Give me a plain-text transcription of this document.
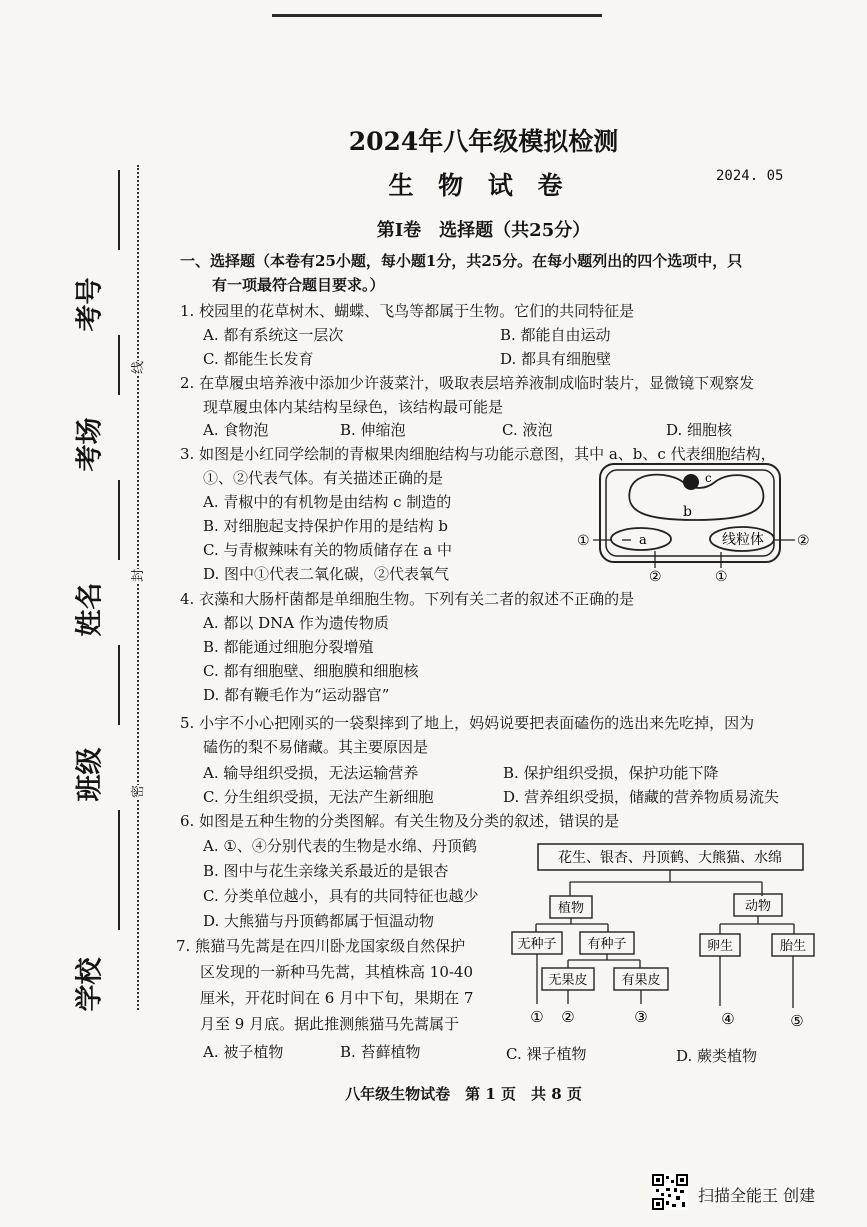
考号
考场
姓名
班级
学校
线
封
密
2024年八年级模拟检测
生 物 试 卷	2024. 05
第Ⅰ卷　选择题（共25分）
一、选择题（本卷有25小题，每小题1分，共25分。在每小题列出的四个选项中，只
有一项最符合题目要求。）
1. 校园里的花草树木、蝴蝶、飞鸟等都属于生物。它们的共同特征是
A. 都有系统这一层次	B. 都能自由运动
C. 都能生长发育	D. 都具有细胞壁
2. 在草履虫培养液中添加少许菠菜汁，吸取表层培养液制成临时装片，显微镜下观察发
现草履虫体内某结构呈绿色，该结构最可能是
A. 食物泡	B. 伸缩泡	C. 液泡	D. 细胞核
3. 如图是小红同学绘制的青椒果肉细胞结构与功能示意图，其中 a、b、c 代表细胞结构，
①、②代表气体。有关描述正确的是
A. 青椒中的有机物是由结构 c 制造的
B. 对细胞起支持保护作用的是结构 b
C. 与青椒辣味有关的物质储存在 a 中
D. 图中①代表二氧化碳，②代表氧气
c
b
a	线粒体
①	②
②	①
4. 衣藻和大肠杆菌都是单细胞生物。下列有关二者的叙述不正确的是
A. 都以 DNA 作为遗传物质
B. 都能通过细胞分裂增殖
C. 都有细胞壁、细胞膜和细胞核
D. 都有鞭毛作为“运动器官”
5. 小宇不小心把刚买的一袋梨摔到了地上，妈妈说要把表面磕伤的选出来先吃掉，因为
磕伤的梨不易储藏。其主要原因是
A. 输导组织受损，无法运输营养	B. 保护组织受损，保护功能下降
C. 分生组织受损，无法产生新细胞	D. 营养组织受损，储藏的营养物质易流失
6. 如图是五种生物的分类图解。有关生物及分类的叙述，错误的是
A. ①、④分别代表的生物是水绵、丹顶鹤
B. 图中与花生亲缘关系最近的是银杏
C. 分类单位越小，具有的共同特征也越少
D. 大熊猫与丹顶鹤都属于恒温动物
7. 熊猫马先蒿是在四川卧龙国家级自然保护
区发现的一新种马先蒿，其植株高 10-40
厘米，开花时间在 6 月中下旬，果期在 7
月至 9 月底。据此推测熊猫马先蒿属于
A. 被子植物	B. 苔藓植物	C. 裸子植物	D. 蕨类植物
花生、银杏、丹顶鹤、大熊猫、水绵
植物	动物
无种子 有种子	卵生	胎生
无果皮	有果皮
① ②	③	④	⑤
八年级生物试卷　第 1 页　共 8 页
扫描全能王 创建
